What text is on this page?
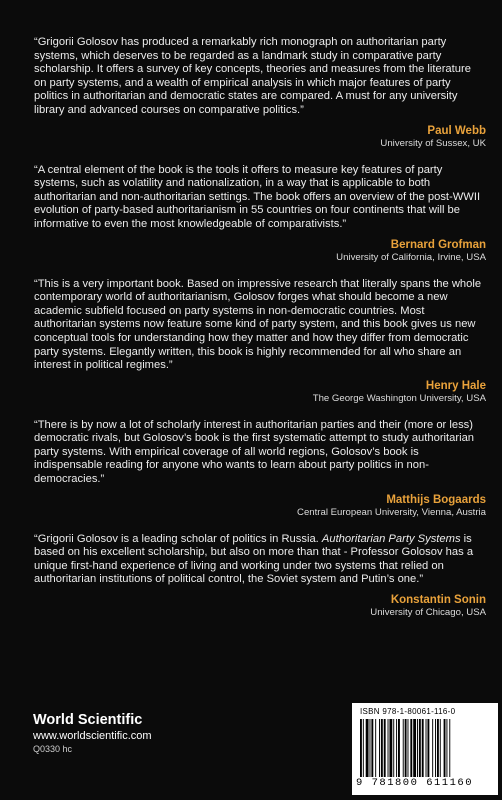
“Grigorii Golosov has produced a remarkably rich monograph on authoritarian party systems, which deserves to be regarded as a landmark study in comparative party scholarship. It offers a survey of key concepts, theories and measures from the literature on party systems, and a wealth of empirical analysis in which major features of party politics in authoritarian and democratic states are compared. A must for any university library and advanced courses on comparative politics.”

Paul Webb
University of Sussex, UK

“A central element of the book is the tools it offers to measure key features of party systems, such as volatility and nationalization, in a way that is applicable to both authoritarian and non-authoritarian settings. The book offers an overview of the post-WWII evolution of party-based authoritarianism in 55 countries on four continents that will be informative to even the most knowledgeable of comparativists.”

Bernard Grofman
University of California, Irvine, USA

“This is a very important book. Based on impressive research that literally spans the whole contemporary world of authoritarianism, Golosov forges what should become a new academic subfield focused on party systems in non-democratic countries. Most authoritarian systems now feature some kind of party system, and this book gives us new conceptual tools for understanding how they matter and how they differ from democratic party systems. Elegantly written, this book is highly recommended for all who share an interest in political regimes.”

Henry Hale
The George Washington University, USA

“There is by now a lot of scholarly interest in authoritarian parties and their (more or less) democratic rivals, but Golosov’s book is the first systematic attempt to study authoritarian party systems. With empirical coverage of all world regions, Golosov’s book is indispensable reading for anyone who wants to learn about party politics in non-democracies.”

Matthijs Bogaards
Central European University, Vienna, Austria

“Grigorii Golosov is a leading scholar of politics in Russia. Authoritarian Party Systems is based on his excellent scholarship, but also on more than that - Professor Golosov has a unique first-hand experience of living and working under two systems that relied on authoritarian institutions of political control, the Soviet system and Putin’s one.”

Konstantin Sonin
University of Chicago, USA
World Scientific
www.worldscientific.com
Q0330 hc
ISBN 978-1-80061-116-0
9 781800 611160
